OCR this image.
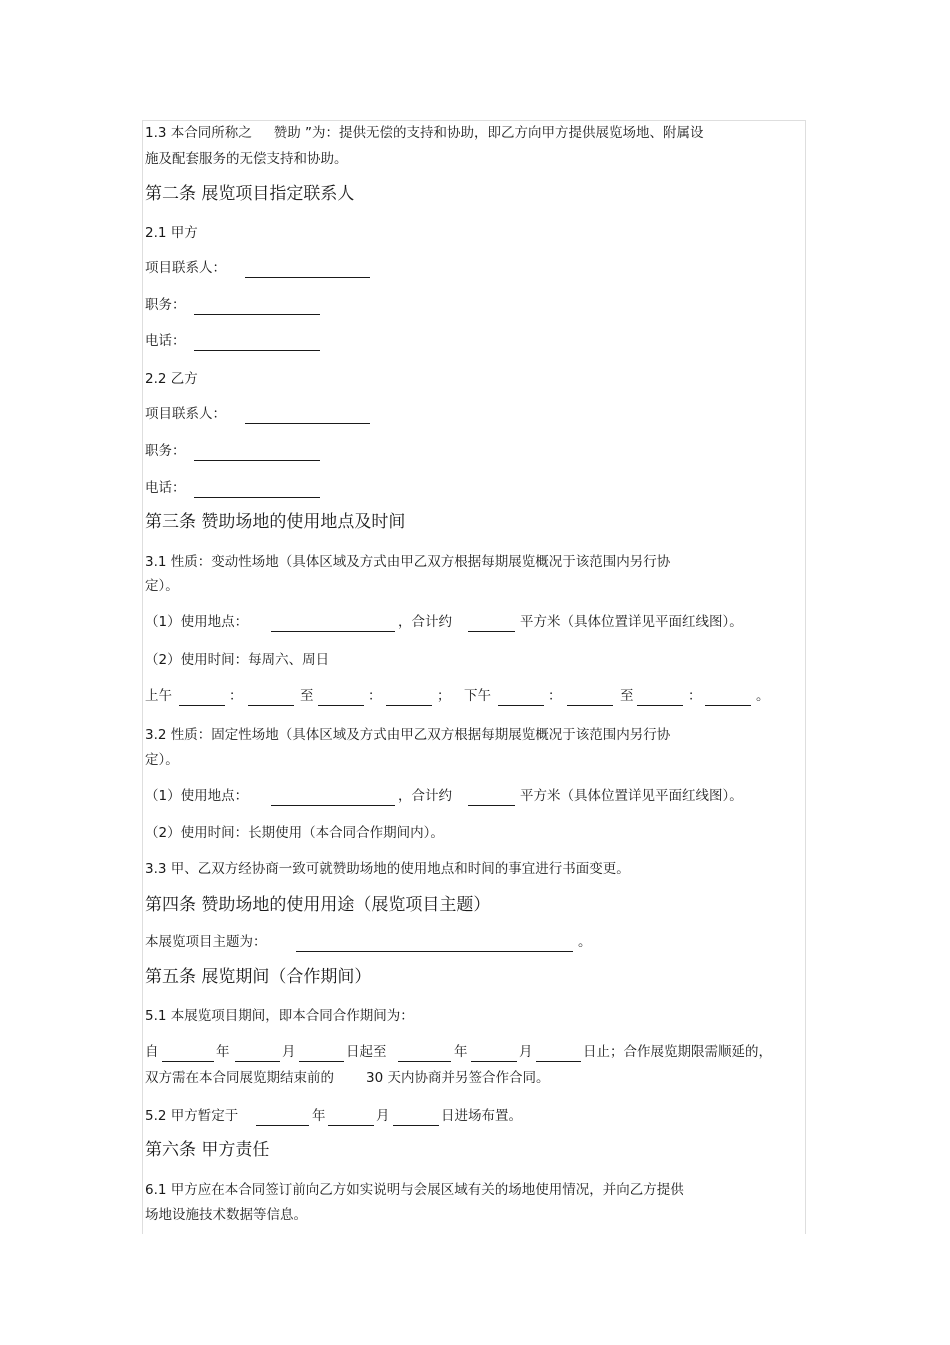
1.3 本合同所称之 赞助 ”为：提供无偿的支持和协助，即乙方向甲方提供展览场地、附属设
施及配套服务的无偿支持和协助。
第二条 展览项目指定联系人
2.1 甲方
项目联系人：
职务：
电话：
2.2 乙方
项目联系人：
职务：
电话：
第三条 赞助场地的使用地点及时间
3.1 性质：变动性场地（具体区域及方式由甲乙双方根据每期展览概况于该范围内另行协
定）。
（1）使用地点：	，合计约	平方米（具体位置详见平面红线图）。
（2）使用时间：每周六、周日
上午	：	至	：	； 下午	：	至	：	。
3.2 性质：固定性场地（具体区域及方式由甲乙双方根据每期展览概况于该范围内另行协
定）。
（1）使用地点：	，合计约	平方米（具体位置详见平面红线图）。
（2）使用时间：长期使用（本合同合作期间内）。
3.3 甲、乙双方经协商一致可就赞助场地的使用地点和时间的事宜进行书面变更。
第四条 赞助场地的使用用途（展览项目主题）
本展览项目主题为：	。
第五条 展览期间（合作期间）
5.1 本展览项目期间，即本合同合作期间为：
自	年	月	日起至	年	月	日止；合作展览期限需顺延的，
双方需在本合同展览期结束前的 30 天内协商并另签合作合同。
5.2 甲方暂定于	年	月	日进场布置。
第六条 甲方责任
6.1 甲方应在本合同签订前向乙方如实说明与会展区域有关的场地使用情况，并向乙方提供
场地设施技术数据等信息。
